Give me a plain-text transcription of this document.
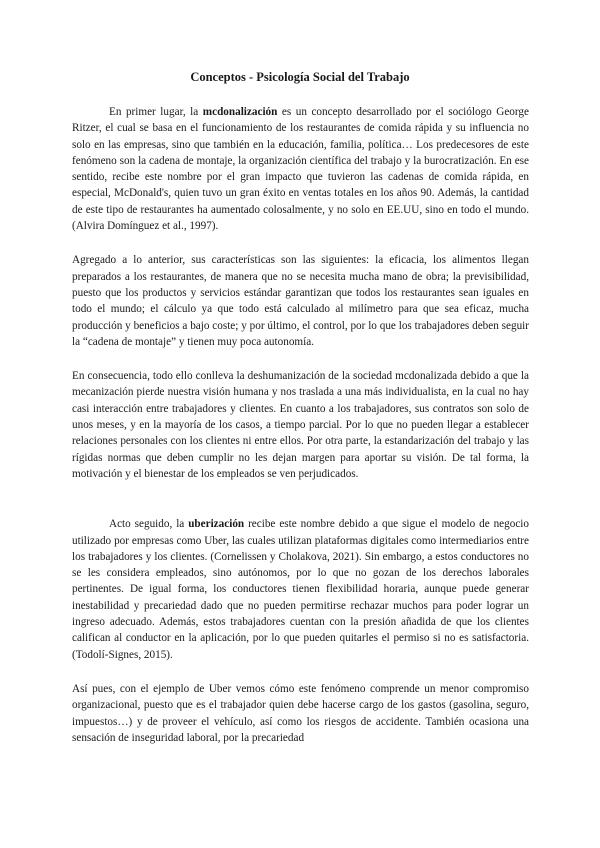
Conceptos - Psicología Social del Trabajo

En primer lugar, la mcdonalización es un concepto desarrollado por el sociólogo George Ritzer, el cual se basa en el funcionamiento de los restaurantes de comida rápida y su influencia no solo en las empresas, sino que también en la educación, familia, política… Los predecesores de este fenómeno son la cadena de montaje, la organización científica del trabajo y la burocratización. En ese sentido, recibe este nombre por el gran impacto que tuvieron las cadenas de comida rápida, en especial, McDonald's, quien tuvo un gran éxito en ventas totales en los años 90. Además, la cantidad de este tipo de restaurantes ha aumentado colosalmente, y no solo en EE.UU, sino en todo el mundo. (Alvira Domínguez et al., 1997).

Agregado a lo anterior, sus características son las siguientes: la eficacia, los alimentos llegan preparados a los restaurantes, de manera que no se necesita mucha mano de obra; la previsibilidad, puesto que los productos y servicios estándar garantizan que todos los restaurantes sean iguales en todo el mundo; el cálculo ya que todo está calculado al milímetro para que sea eficaz, mucha producción y beneficios a bajo coste; y por último, el control, por lo que los trabajadores deben seguir la “cadena de montaje” y tienen muy poca autonomía.

En consecuencia, todo ello conlleva la deshumanización de la sociedad mcdonalizada debido a que la mecanización pierde nuestra visión humana y nos traslada a una más individualista, en la cual no hay casi interacción entre trabajadores y clientes. En cuanto a los trabajadores, sus contratos son solo de unos meses, y en la mayoría de los casos, a tiempo parcial. Por lo que no pueden llegar a establecer relaciones personales con los clientes ni entre ellos. Por otra parte, la estandarización del trabajo y las rígidas normas que deben cumplir no les dejan margen para aportar su visión. De tal forma, la motivación y el bienestar de los empleados se ven perjudicados.

Acto seguido, la uberización recibe este nombre debido a que sigue el modelo de negocio utilizado por empresas como Uber, las cuales utilizan plataformas digitales como intermediarios entre los trabajadores y los clientes. (Cornelissen y Cholakova, 2021). Sin embargo, a estos conductores no se les considera empleados, sino autónomos, por lo que no gozan de los derechos laborales pertinentes. De igual forma, los conductores tienen flexibilidad horaria, aunque puede generar inestabilidad y precariedad dado que no pueden permitirse rechazar muchos para poder lograr un ingreso adecuado. Además, estos trabajadores cuentan con la presión añadida de que los clientes califican al conductor en la aplicación, por lo que pueden quitarles el permiso si no es satisfactoria. (Todolí-Signes, 2015).

Así pues, con el ejemplo de Uber vemos cómo este fenómeno comprende un menor compromiso organizacional, puesto que es el trabajador quien debe hacerse cargo de los gastos (gasolina, seguro, impuestos…) y de proveer el vehículo, así como los riesgos de accidente. También ocasiona una sensación de inseguridad laboral, por la precariedad
